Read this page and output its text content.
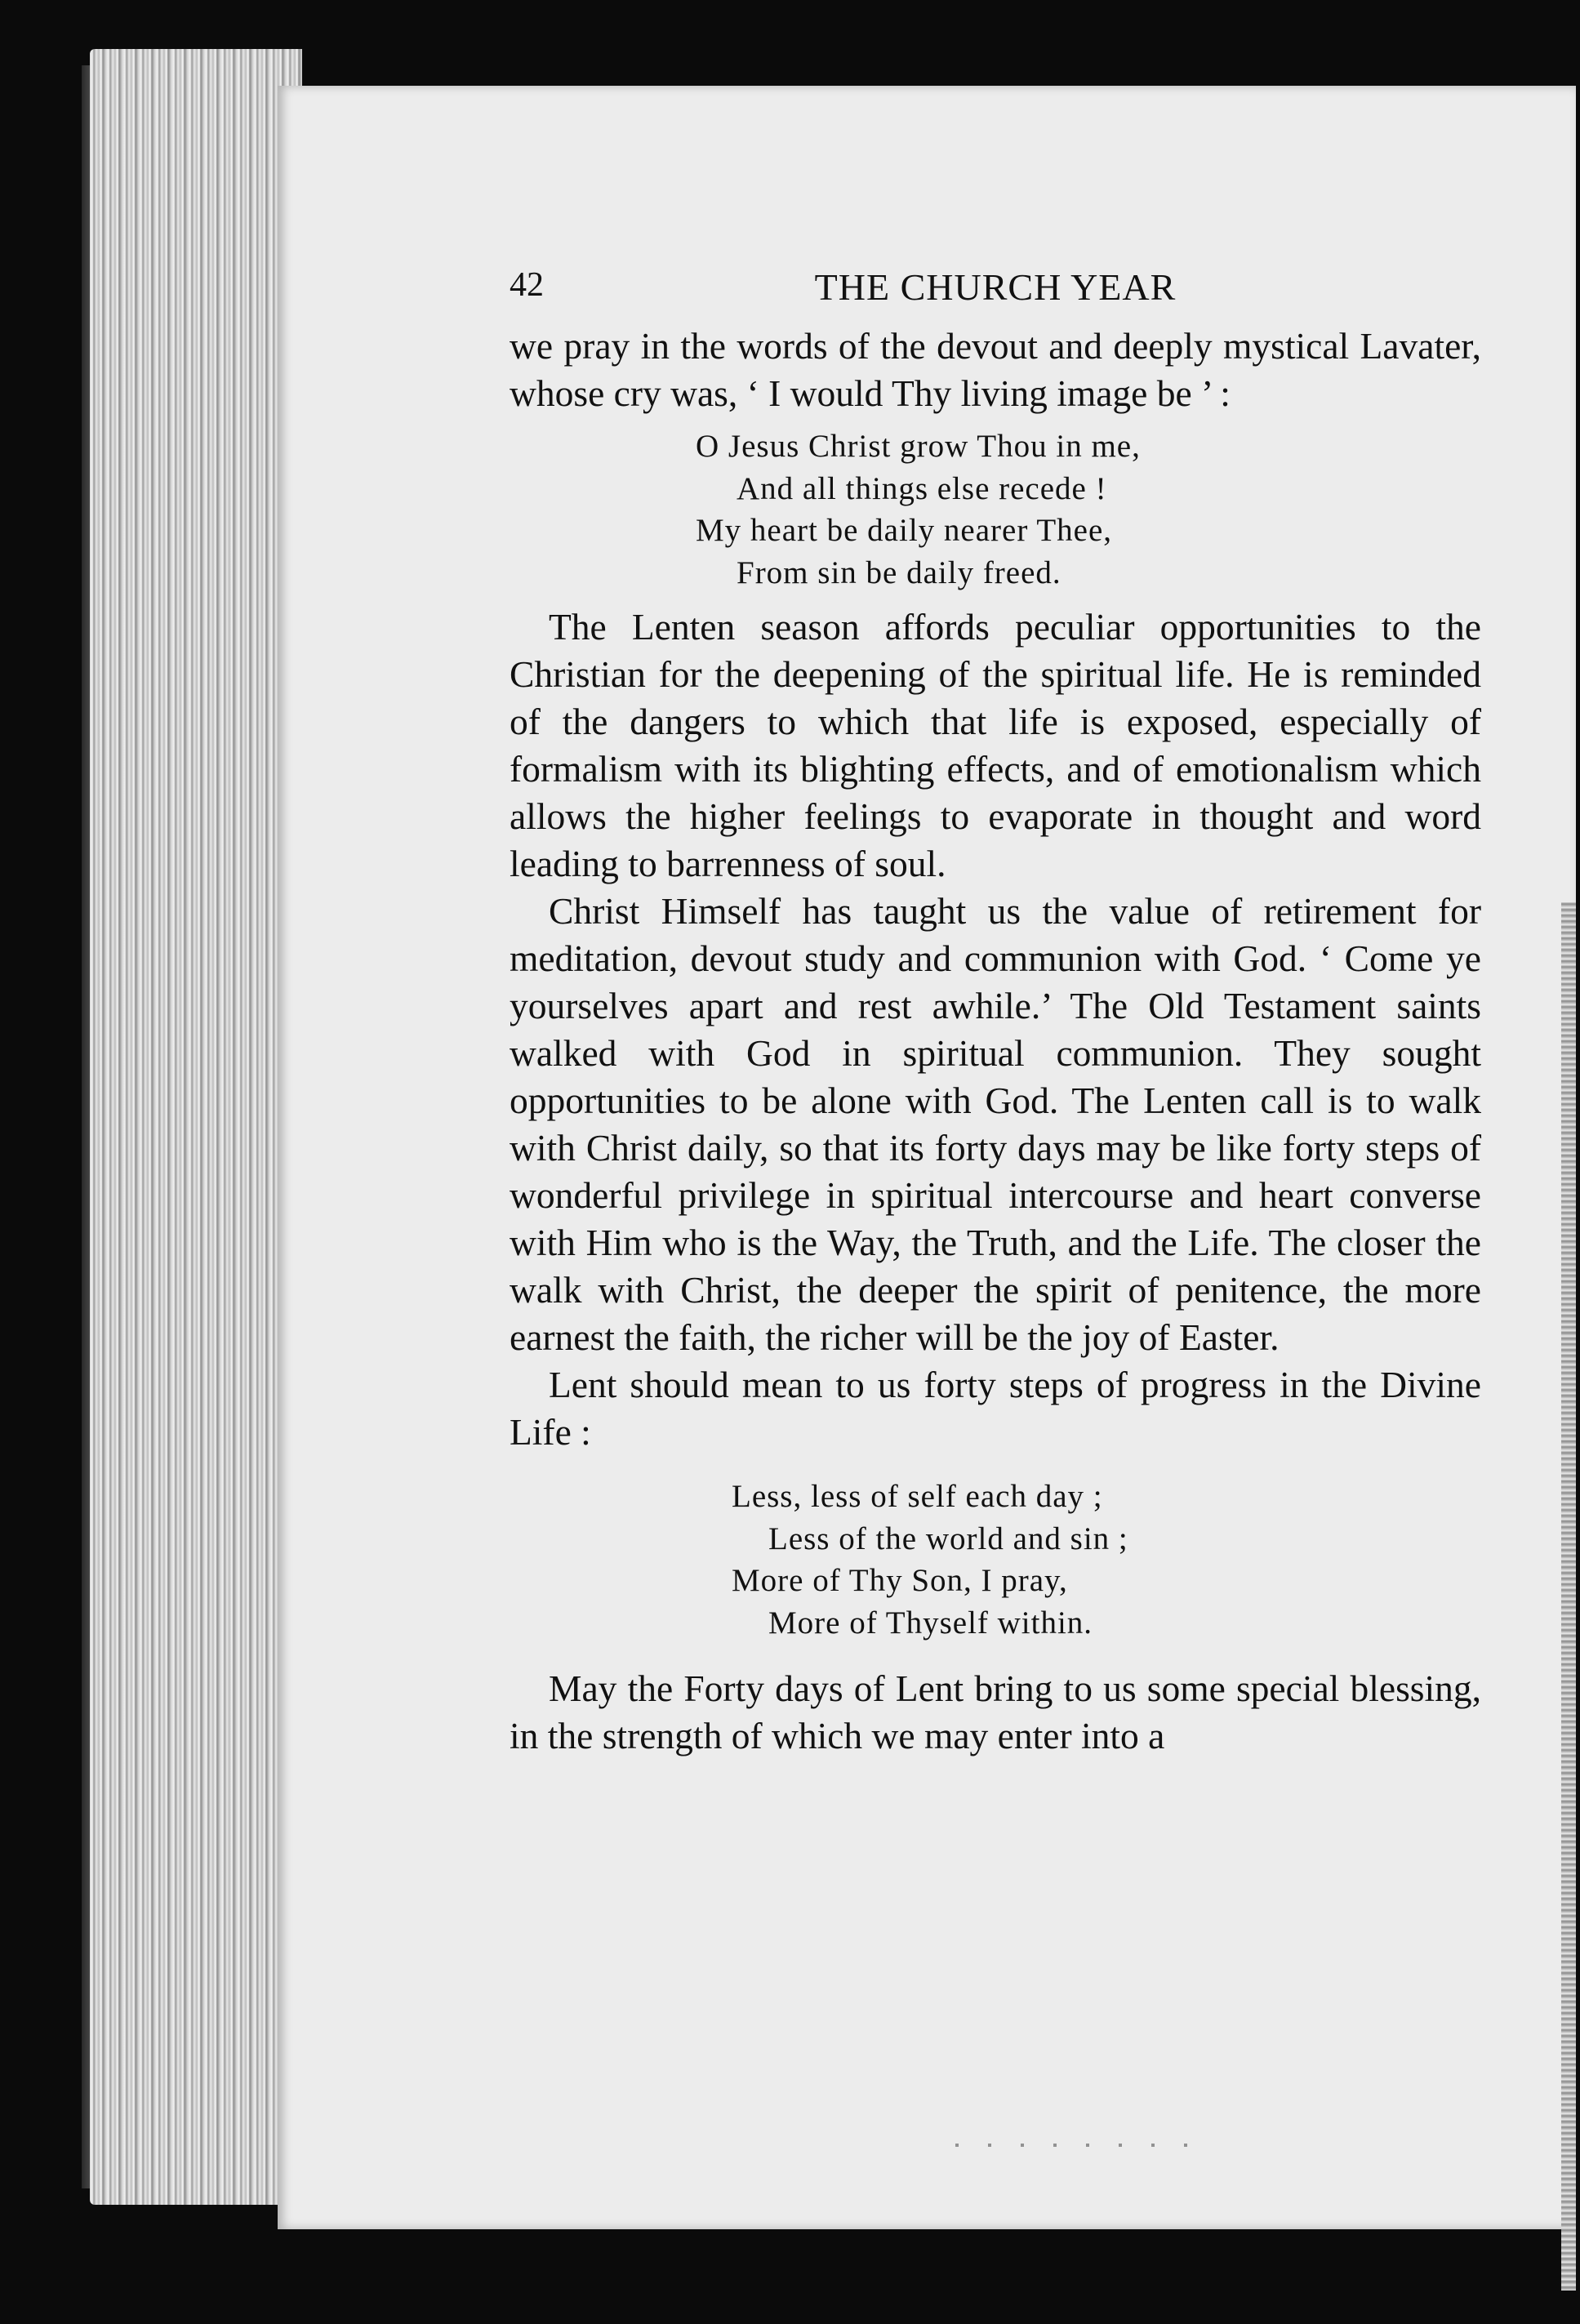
42	THE CHURCH YEAR

we pray in the words of the devout and deeply mystical Lavater, whose cry was, ‘ I would Thy living image be ’ :

O Jesus Christ grow Thou in me,
And all things else recede !
My heart be daily nearer Thee,
From sin be daily freed.

The Lenten season affords peculiar opportunities to the Christian for the deepening of the spiritual life. He is reminded of the dangers to which that life is exposed, especially of formalism with its blighting effects, and of emotionalism which allows the higher feelings to evaporate in thought and word leading to barrenness of soul.

Christ Himself has taught us the value of retirement for meditation, devout study and communion with God. ‘ Come ye yourselves apart and rest awhile.’ The Old Testament saints walked with God in spiritual communion. They sought opportunities to be alone with God. The Lenten call is to walk with Christ daily, so that its forty days may be like forty steps of wonderful privilege in spiritual intercourse and heart converse with Him who is the Way, the Truth, and the Life. The closer the walk with Christ, the deeper the spirit of penitence, the more earnest the faith, the richer will be the joy of Easter.

Lent should mean to us forty steps of progress in the Divine Life :

Less, less of self each day ;
Less of the world and sin ;
More of Thy Son, I pray,
More of Thyself within.

May the Forty days of Lent bring to us some special blessing, in the strength of which we may enter into a
